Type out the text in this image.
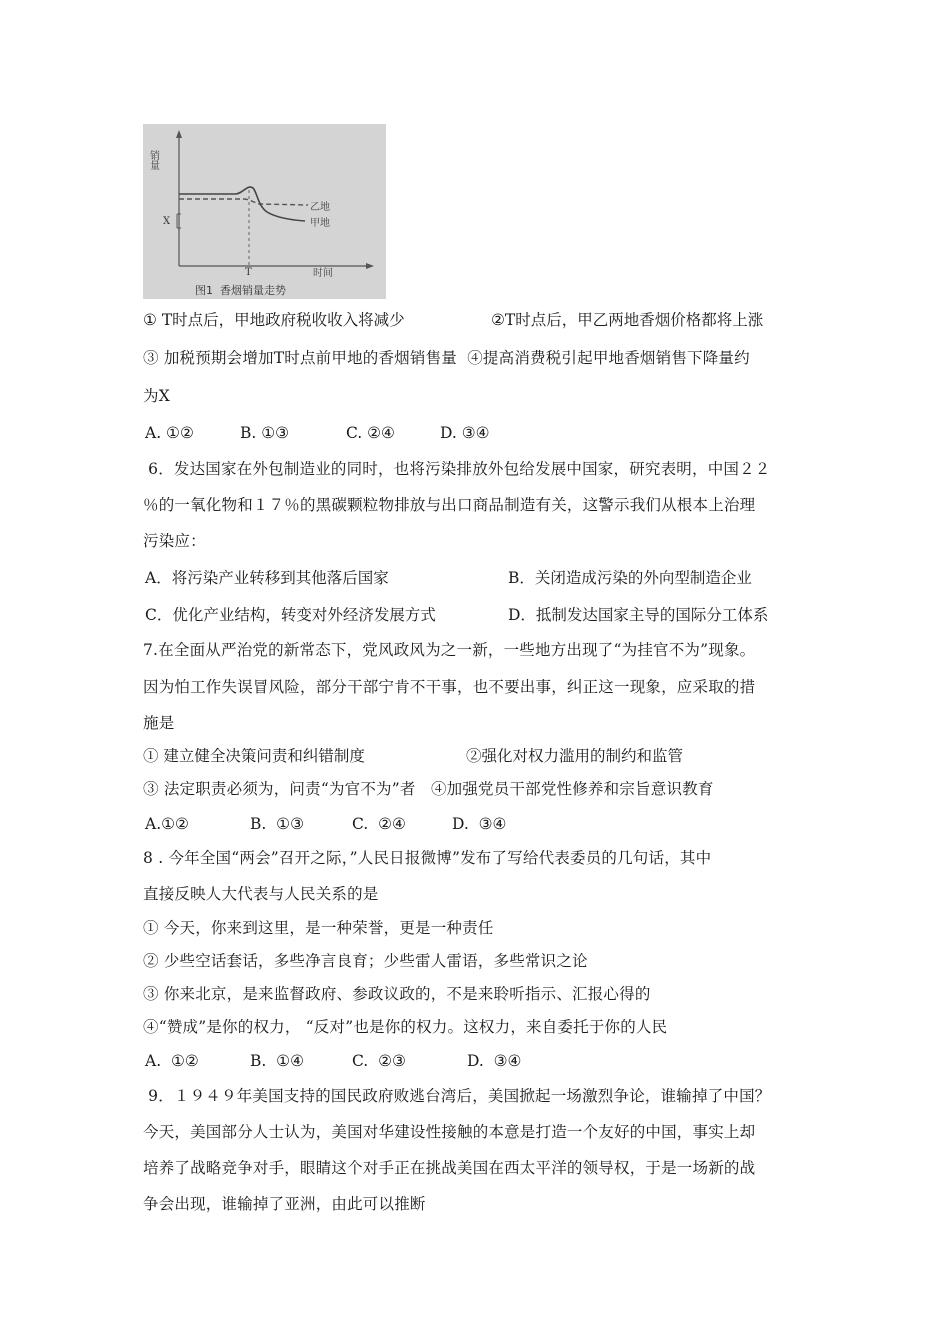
销量
时间
T
X
乙地
甲地
图1  香烟销量走势
① T时点后，甲地政府税收收入将减少	②T时点后，甲乙两地香烟价格都将上涨
③ 加税预期会增加T时点前甲地的香烟销售量  ④提高消费税引起甲地香烟销售下降量约
为X
A. ①②	B. ①③	C. ②④	D. ③④
6．发达国家在外包制造业的同时，也将污染排放外包给发展中国家，研究表明，中国２２
％的一氧化物和１７％的黑碳颗粒物排放与出口商品制造有关，这警示我们从根本上治理
污染应：
A．将污染产业转移到其他落后国家	B．关闭造成污染的外向型制造企业
C．优化产业结构，转变对外经济发展方式	D．抵制发达国家主导的国际分工体系
7.在全面从严治党的新常态下，党风政风为之一新，一些地方出现了“为挂官不为”现象。
因为怕工作失误冒风险，部分干部宁肯不干事，也不要出事，纠正这一现象，应采取的措
施是
① 建立健全决策问责和纠错制度	②强化对权力滥用的制约和监管
③ 法定职责必须为，问责“为官不为”者   ④加强党员干部党性修养和宗旨意识教育
A.①②	B.  ①③	C.  ②④	D.  ③④
8 . 今年全国“两会”召开之际，”人民日报微博”发布了写给代表委员的几句话，其中
直接反映人大代表与人民关系的是
① 今天，你来到这里，是一种荣誉，更是一种责任
② 少些空话套话，多些净言良育；少些雷人雷语，多些常识之论
③ 你来北京，是来监督政府、参政议政的，不是来聆听指示、汇报心得的
④“赞成”是你的权力， “反对”也是你的权力。这权力，来自委托于你的人民
A.  ①②	B.  ①④	C.  ②③	D.  ③④
9．１９４９年美国支持的国民政府败逃台湾后，美国掀起一场激烈争论，谁输掉了中国？
今天，美国部分人士认为，美国对华建设性接触的本意是打造一个友好的中国，事实上却
培养了战略竞争对手，眼睛这个对手正在挑战美国在西太平洋的领导权，于是一场新的战
争会出现，谁输掉了亚洲，由此可以推断
